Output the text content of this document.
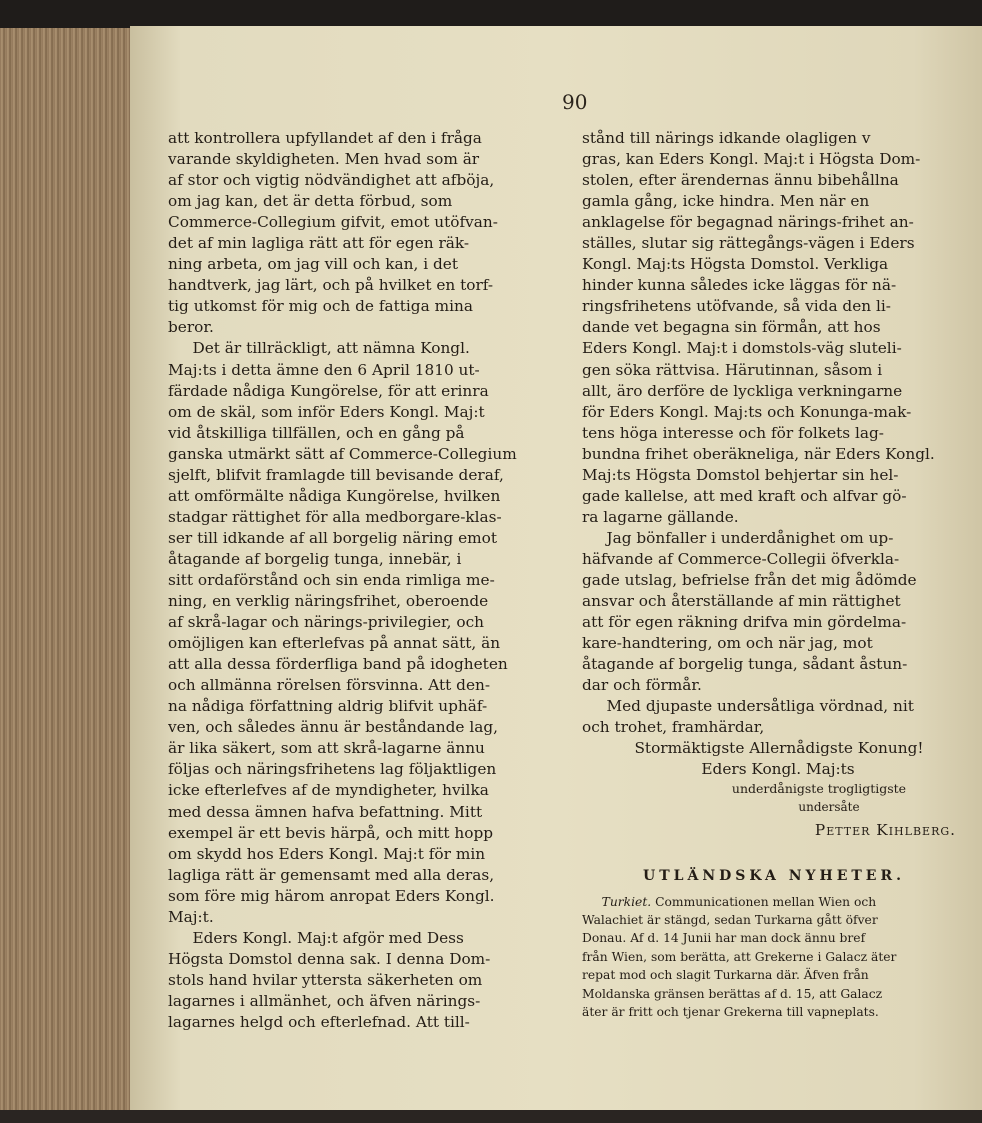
90

att kontrollera upfyllandet af den i fråga

varande skyldigheten. Men hvad som är

af stor och vigtig nödvändighet att afböja,

om jag kan, det är detta förbud, som

Commerce-Collegium gifvit, emot utöfvan-

det af min lagliga rätt att för egen räk-

ning arbeta, om jag vill och kan, i det

handtverk, jag lärt, och på hvilket en torf-

tig utkomst för mig och de fattiga mina

beror.

Det är tillräckligt, att nämna Kongl.

Maj:ts i detta ämne den 6 April 1810 ut-

färdade nådiga Kungörelse, för att erinra

om de skäl, som inför Eders Kongl. Maj:t

vid åtskilliga tillfällen, och en gång på

ganska utmärkt sätt af Commerce-Collegium

sjelft, blifvit framlagde till bevisande deraf,

att omförmälte nådiga Kungörelse, hvilken

stadgar rättighet för alla medborgare-klas-

ser till idkande af all borgelig näring emot

åtagande af borgelig tunga, innebär, i

sitt ordaförstånd och sin enda rimliga me-

ning, en verklig näringsfrihet, oberoende

af skrå-lagar och närings-privilegier, och

omöjligen kan efterlefvas på annat sätt, än

att alla dessa förderfliga band på idogheten

och allmänna rörelsen försvinna. Att den-

na nådiga författning aldrig blifvit uphäf-

ven, och således ännu är beståndande lag,

är lika säkert, som att skrå-lagarne ännu

följas och näringsfrihetens lag följaktligen

icke efterlefves af de myndigheter, hvilka

med dessa ämnen hafva befattning. Mitt

exempel är ett bevis härpå, och mitt hopp

om skydd hos Eders Kongl. Maj:t för min

lagliga rätt är gemensamt med alla deras,

som före mig härom anropat Eders Kongl.

Maj:t.

Eders Kongl. Maj:t afgör med Dess

Högsta Domstol denna sak. I denna Dom-

stols hand hvilar yttersta säkerheten om

lagarnes i allmänhet, och äfven närings-

lagarnes helgd och efterlefnad. Att till-

stånd till närings idkande olagligen v

gras, kan Eders Kongl. Maj:t i Högsta Dom-

stolen, efter ärendernas ännu bibehållna

gamla gång, icke hindra. Men när en

anklagelse för begagnad närings-frihet an-

ställes, slutar sig rättegångs-vägen i Eders

Kongl. Maj:ts Högsta Domstol. Verkliga

hinder kunna således icke läggas för nä-

ringsfrihetens utöfvande, så vida den li-

dande vet begagna sin förmån, att hos

Eders Kongl. Maj:t i domstols-väg sluteli-

gen söka rättvisa. Härutinnan, såsom i

allt, äro derföre de lyckliga verkningarne

för Eders Kongl. Maj:ts och Konunga-mak-

tens höga interesse och för folkets lag-

bundna frihet oberäkneliga, när Eders Kongl.

Maj:ts Högsta Domstol behjertar sin hel-

gade kallelse, att med kraft och alfvar gö-

ra lagarne gällande.

Jag bönfaller i underdånighet om up-

häfvande af Commerce-Collegii öfverkla-

gade utslag, befrielse från det mig ådömde

ansvar och återställande af min rättighet

att för egen räkning drifva min gördelma-

kare-handtering, om och när jag, mot

åtagande af borgelig tunga, sådant åstun-

dar och förmår.

Med djupaste undersåtliga vördnad, nit

och trohet, framhärdar,

Stormäktigste Allernådigste Konung!

Eders Kongl. Maj:ts

underdånigste trogligtigste

undersåte

Petter Kihlberg.

UTLÄNDSKA NYHETER.

Turkiet. Communicationen mellan Wien och

Walachiet är stängd, sedan Turkarna gått öfver

Donau. Af d. 14 Junii har man dock ännu bref

från Wien, som berätta, att Grekerne i Galacz äter

repat mod och slagit Turkarna där. Äfven från

Moldanska gränsen berättas af d. 15, att Galacz

äter är fritt och tjenar Grekerna till vapneplats.
